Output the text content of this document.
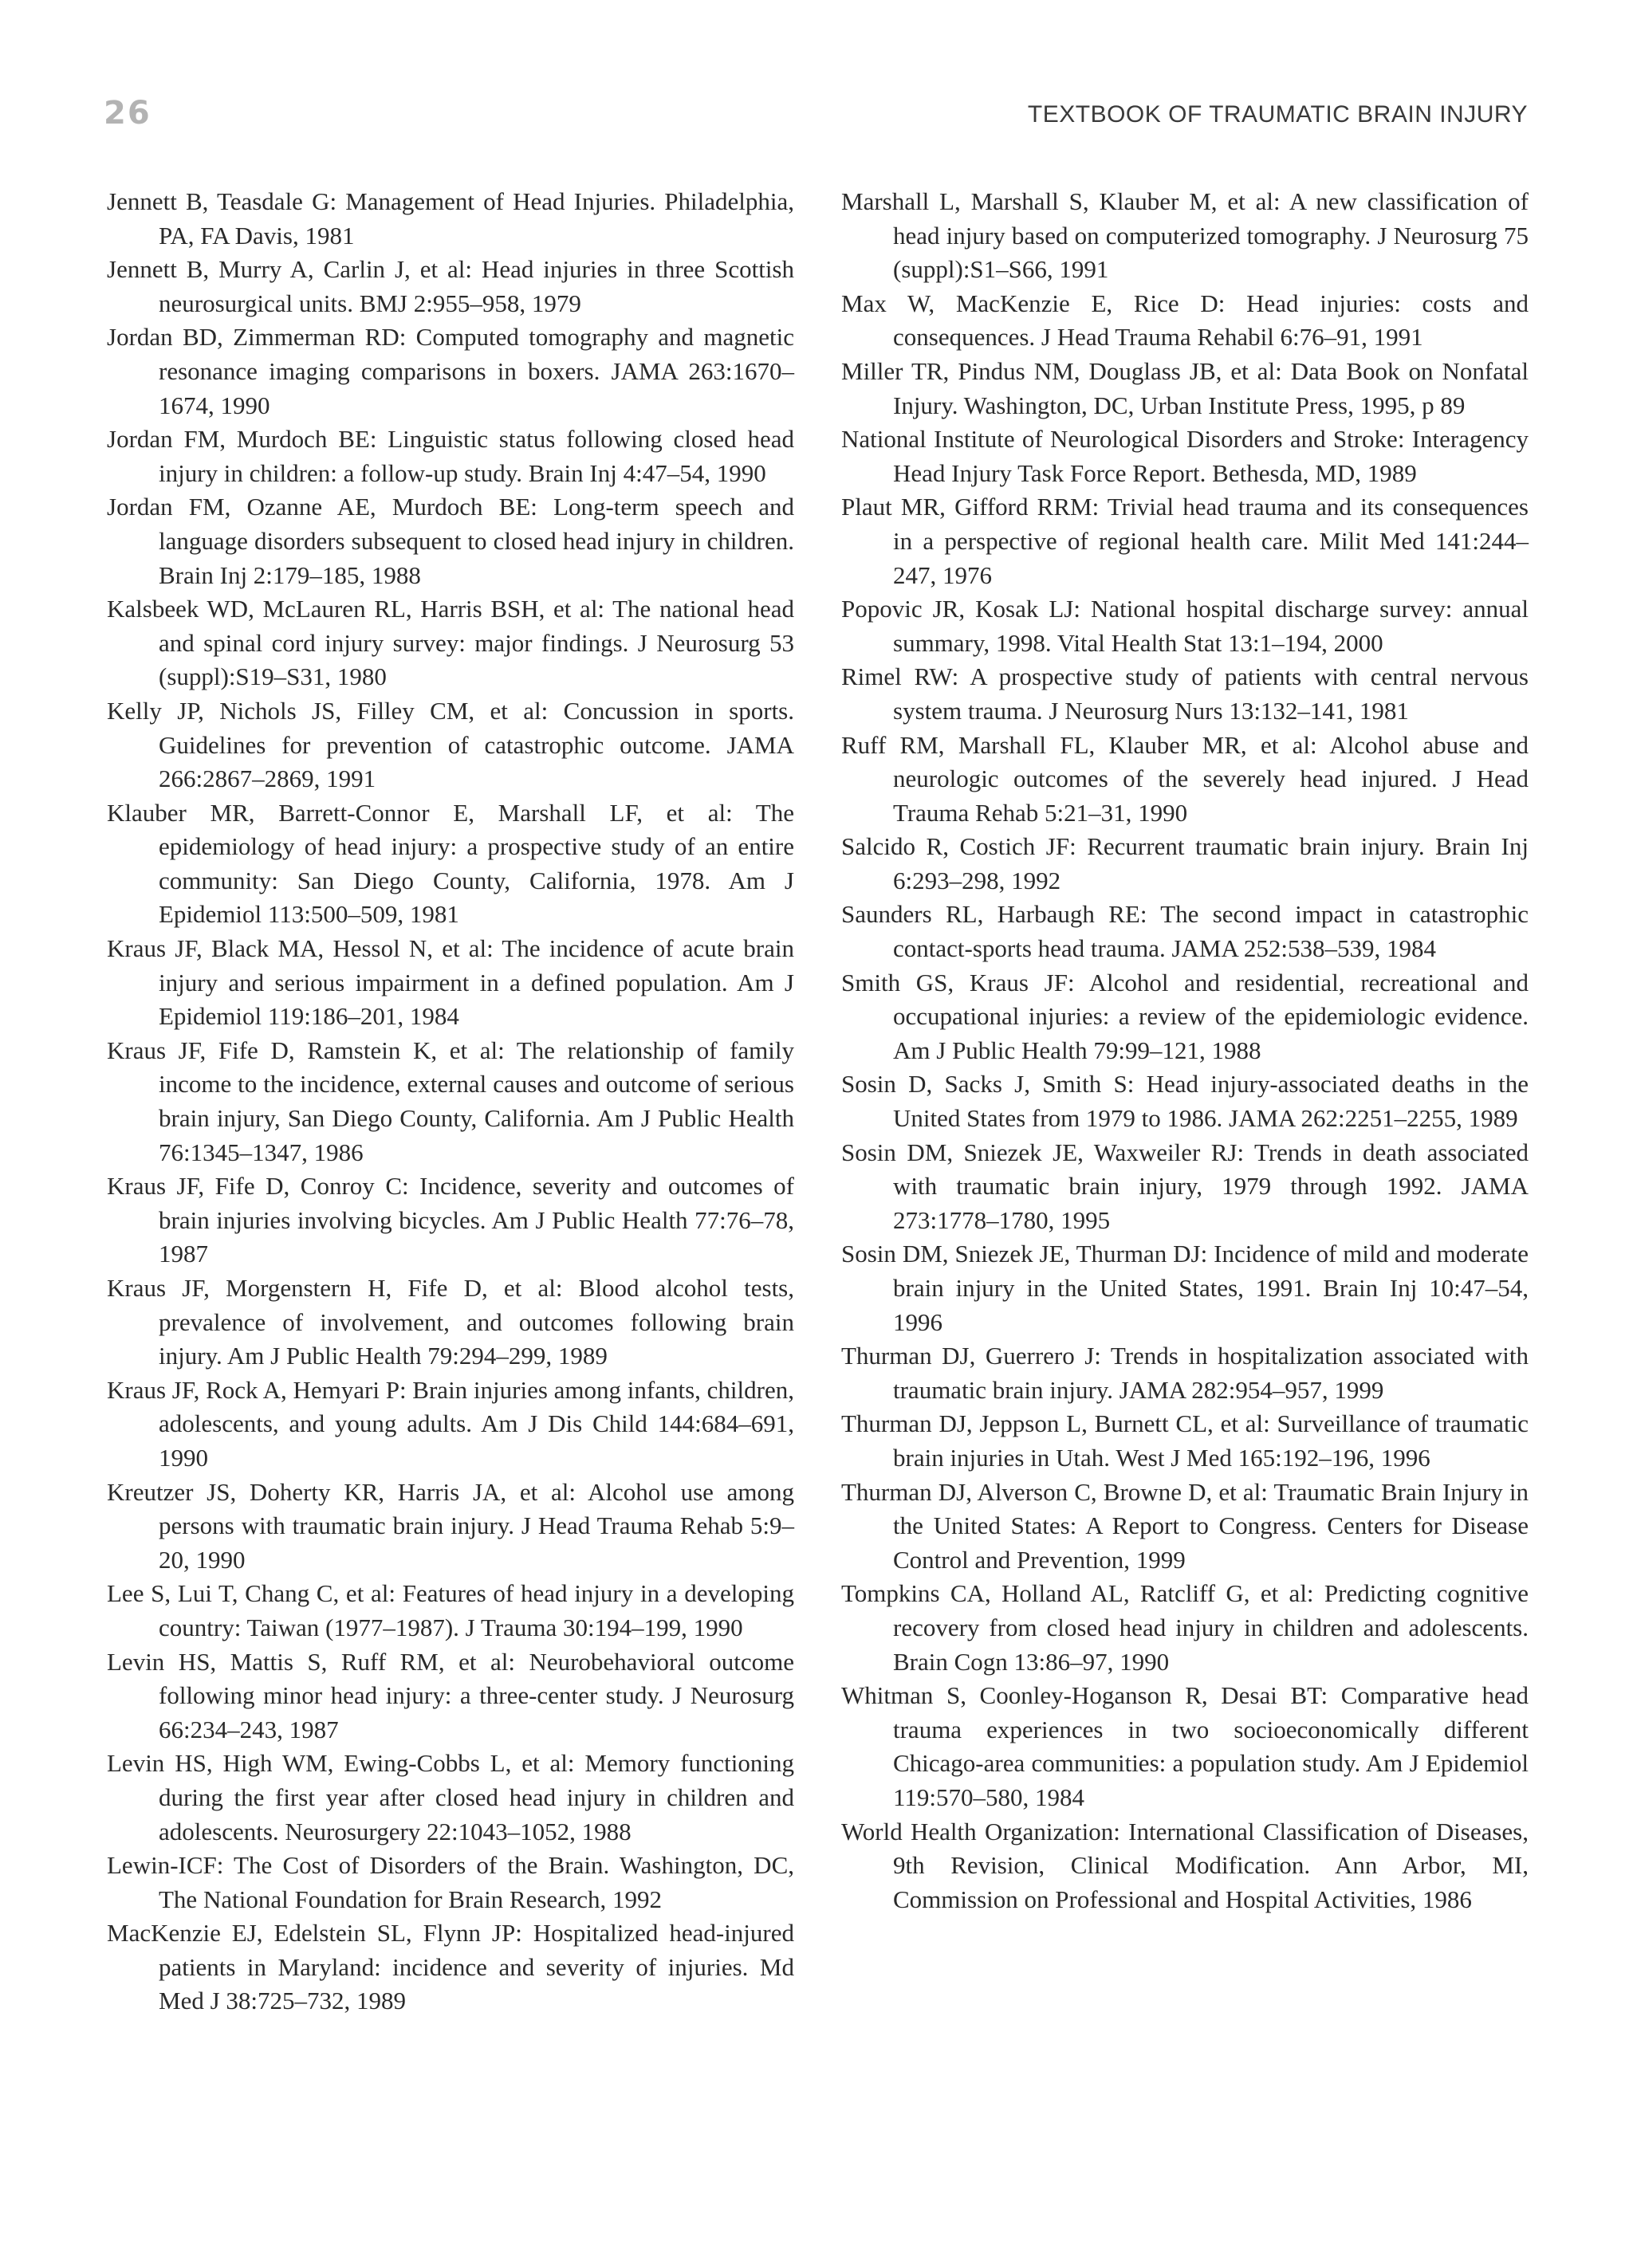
26	TEXTBOOK OF TRAUMATIC BRAIN INJURY

Jennett B, Teasdale G: Management of Head Injuries. Philadelphia, PA, FA Davis, 1981

Jennett B, Murry A, Carlin J, et al: Head injuries in three Scottish neurosurgical units. BMJ 2:955–958, 1979

Jordan BD, Zimmerman RD: Computed tomography and magnetic resonance imaging comparisons in boxers. JAMA 263:1670–1674, 1990

Jordan FM, Murdoch BE: Linguistic status following closed head injury in children: a follow-up study. Brain Inj 4:47–54, 1990

Jordan FM, Ozanne AE, Murdoch BE: Long-term speech and language disorders subsequent to closed head injury in children. Brain Inj 2:179–185, 1988

Kalsbeek WD, McLauren RL, Harris BSH, et al: The national head and spinal cord injury survey: major findings. J Neurosurg 53 (suppl):S19–S31, 1980

Kelly JP, Nichols JS, Filley CM, et al: Concussion in sports. Guidelines for prevention of catastrophic outcome. JAMA 266:2867–2869, 1991

Klauber MR, Barrett-Connor E, Marshall LF, et al: The epidemiology of head injury: a prospective study of an entire community: San Diego County, California, 1978. Am J Epidemiol 113:500–509, 1981

Kraus JF, Black MA, Hessol N, et al: The incidence of acute brain injury and serious impairment in a defined population. Am J Epidemiol 119:186–201, 1984

Kraus JF, Fife D, Ramstein K, et al: The relationship of family income to the incidence, external causes and outcome of serious brain injury, San Diego County, California. Am J Public Health 76:1345–1347, 1986

Kraus JF, Fife D, Conroy C: Incidence, severity and outcomes of brain injuries involving bicycles. Am J Public Health 77:76–78, 1987

Kraus JF, Morgenstern H, Fife D, et al: Blood alcohol tests, prevalence of involvement, and outcomes following brain injury. Am J Public Health 79:294–299, 1989

Kraus JF, Rock A, Hemyari P: Brain injuries among infants, children, adolescents, and young adults. Am J Dis Child 144:684–691, 1990

Kreutzer JS, Doherty KR, Harris JA, et al: Alcohol use among persons with traumatic brain injury. J Head Trauma Rehab 5:9–20, 1990

Lee S, Lui T, Chang C, et al: Features of head injury in a developing country: Taiwan (1977–1987). J Trauma 30:194–199, 1990

Levin HS, Mattis S, Ruff RM, et al: Neurobehavioral outcome following minor head injury: a three-center study. J Neurosurg 66:234–243, 1987

Levin HS, High WM, Ewing-Cobbs L, et al: Memory functioning during the first year after closed head injury in children and adolescents. Neurosurgery 22:1043–1052, 1988

Lewin-ICF: The Cost of Disorders of the Brain. Washington, DC, The National Foundation for Brain Research, 1992

MacKenzie EJ, Edelstein SL, Flynn JP: Hospitalized head-injured patients in Maryland: incidence and severity of injuries. Md Med J 38:725–732, 1989

Marshall L, Marshall S, Klauber M, et al: A new classification of head injury based on computerized tomography. J Neurosurg 75 (suppl):S1–S66, 1991

Max W, MacKenzie E, Rice D: Head injuries: costs and consequences. J Head Trauma Rehabil 6:76–91, 1991

Miller TR, Pindus NM, Douglass JB, et al: Data Book on Nonfatal Injury. Washington, DC, Urban Institute Press, 1995, p 89

National Institute of Neurological Disorders and Stroke: Interagency Head Injury Task Force Report. Bethesda, MD, 1989

Plaut MR, Gifford RRM: Trivial head trauma and its consequences in a perspective of regional health care. Milit Med 141:244–247, 1976

Popovic JR, Kosak LJ: National hospital discharge survey: annual summary, 1998. Vital Health Stat 13:1–194, 2000

Rimel RW: A prospective study of patients with central nervous system trauma. J Neurosurg Nurs 13:132–141, 1981

Ruff RM, Marshall FL, Klauber MR, et al: Alcohol abuse and neurologic outcomes of the severely head injured. J Head Trauma Rehab 5:21–31, 1990

Salcido R, Costich JF: Recurrent traumatic brain injury. Brain Inj 6:293–298, 1992

Saunders RL, Harbaugh RE: The second impact in catastrophic contact-sports head trauma. JAMA 252:538–539, 1984

Smith GS, Kraus JF: Alcohol and residential, recreational and occupational injuries: a review of the epidemiologic evidence. Am J Public Health 79:99–121, 1988

Sosin D, Sacks J, Smith S: Head injury-associated deaths in the United States from 1979 to 1986. JAMA 262:2251–2255, 1989

Sosin DM, Sniezek JE, Waxweiler RJ: Trends in death associated with traumatic brain injury, 1979 through 1992. JAMA 273:1778–1780, 1995

Sosin DM, Sniezek JE, Thurman DJ: Incidence of mild and moderate brain injury in the United States, 1991. Brain Inj 10:47–54, 1996

Thurman DJ, Guerrero J: Trends in hospitalization associated with traumatic brain injury. JAMA 282:954–957, 1999

Thurman DJ, Jeppson L, Burnett CL, et al: Surveillance of traumatic brain injuries in Utah. West J Med 165:192–196, 1996

Thurman DJ, Alverson C, Browne D, et al: Traumatic Brain Injury in the United States: A Report to Congress. Centers for Disease Control and Prevention, 1999

Tompkins CA, Holland AL, Ratcliff G, et al: Predicting cognitive recovery from closed head injury in children and adolescents. Brain Cogn 13:86–97, 1990

Whitman S, Coonley-Hoganson R, Desai BT: Comparative head trauma experiences in two socioeconomically different Chicago-area communities: a population study. Am J Epidemiol 119:570–580, 1984

World Health Organization: International Classification of Diseases, 9th Revision, Clinical Modification. Ann Arbor, MI, Commission on Professional and Hospital Activities, 1986
